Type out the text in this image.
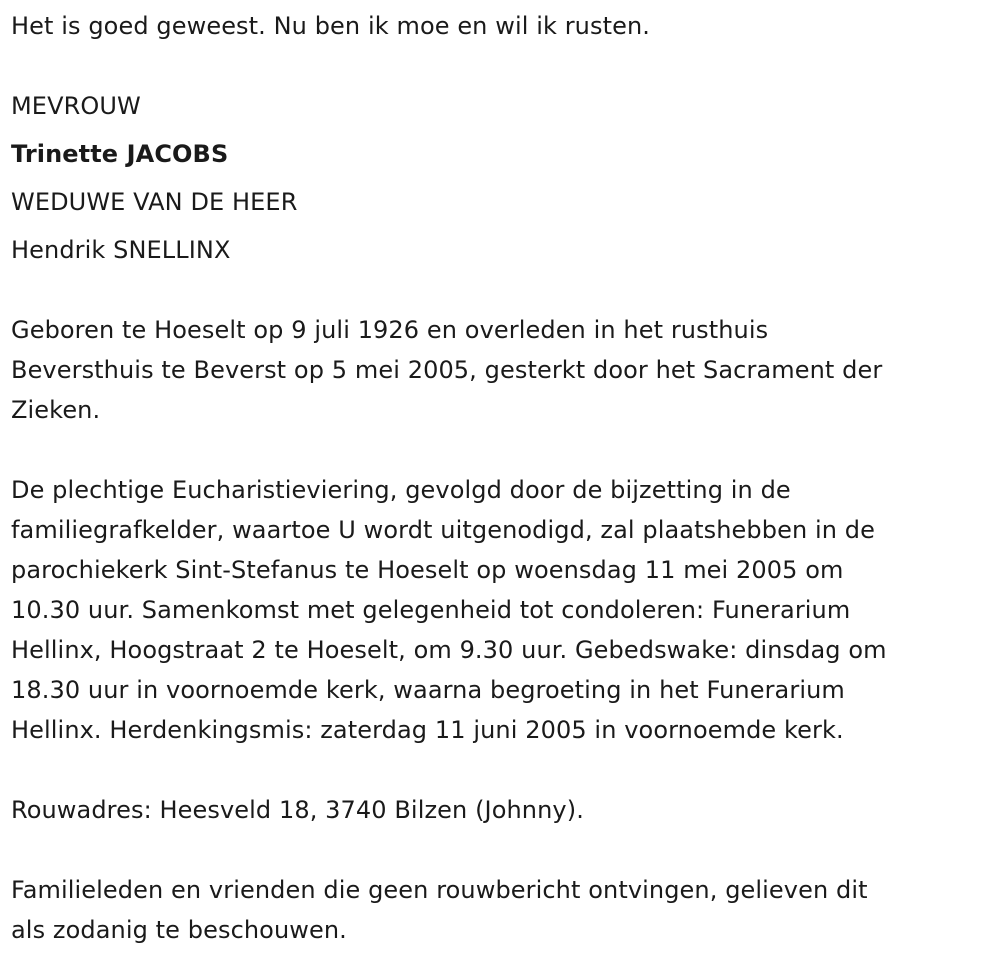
Het is goed geweest. Nu ben ik moe en wil ik rusten.
MEVROUW
Trinette JACOBS
WEDUWE VAN DE HEER
Hendrik SNELLINX
Geboren te Hoeselt op 9 juli 1926 en overleden in het rusthuis
Beversthuis te Beverst op 5 mei 2005, gesterkt door het Sacrament der
Zieken.
De plechtige Eucharistieviering, gevolgd door de bijzetting in de
familiegrafkelder, waartoe U wordt uitgenodigd, zal plaatshebben in de
parochiekerk Sint-Stefanus te Hoeselt op woensdag 11 mei 2005 om
10.30 uur. Samenkomst met gelegenheid tot condoleren: Funerarium
Hellinx, Hoogstraat 2 te Hoeselt, om 9.30 uur. Gebedswake: dinsdag om
18.30 uur in voornoemde kerk, waarna begroeting in het Funerarium
Hellinx. Herdenkingsmis: zaterdag 11 juni 2005 in voornoemde kerk.
Rouwadres: Heesveld 18, 3740 Bilzen (Johnny).
Familieleden en vrienden die geen rouwbericht ontvingen, gelieven dit
als zodanig te beschouwen.
